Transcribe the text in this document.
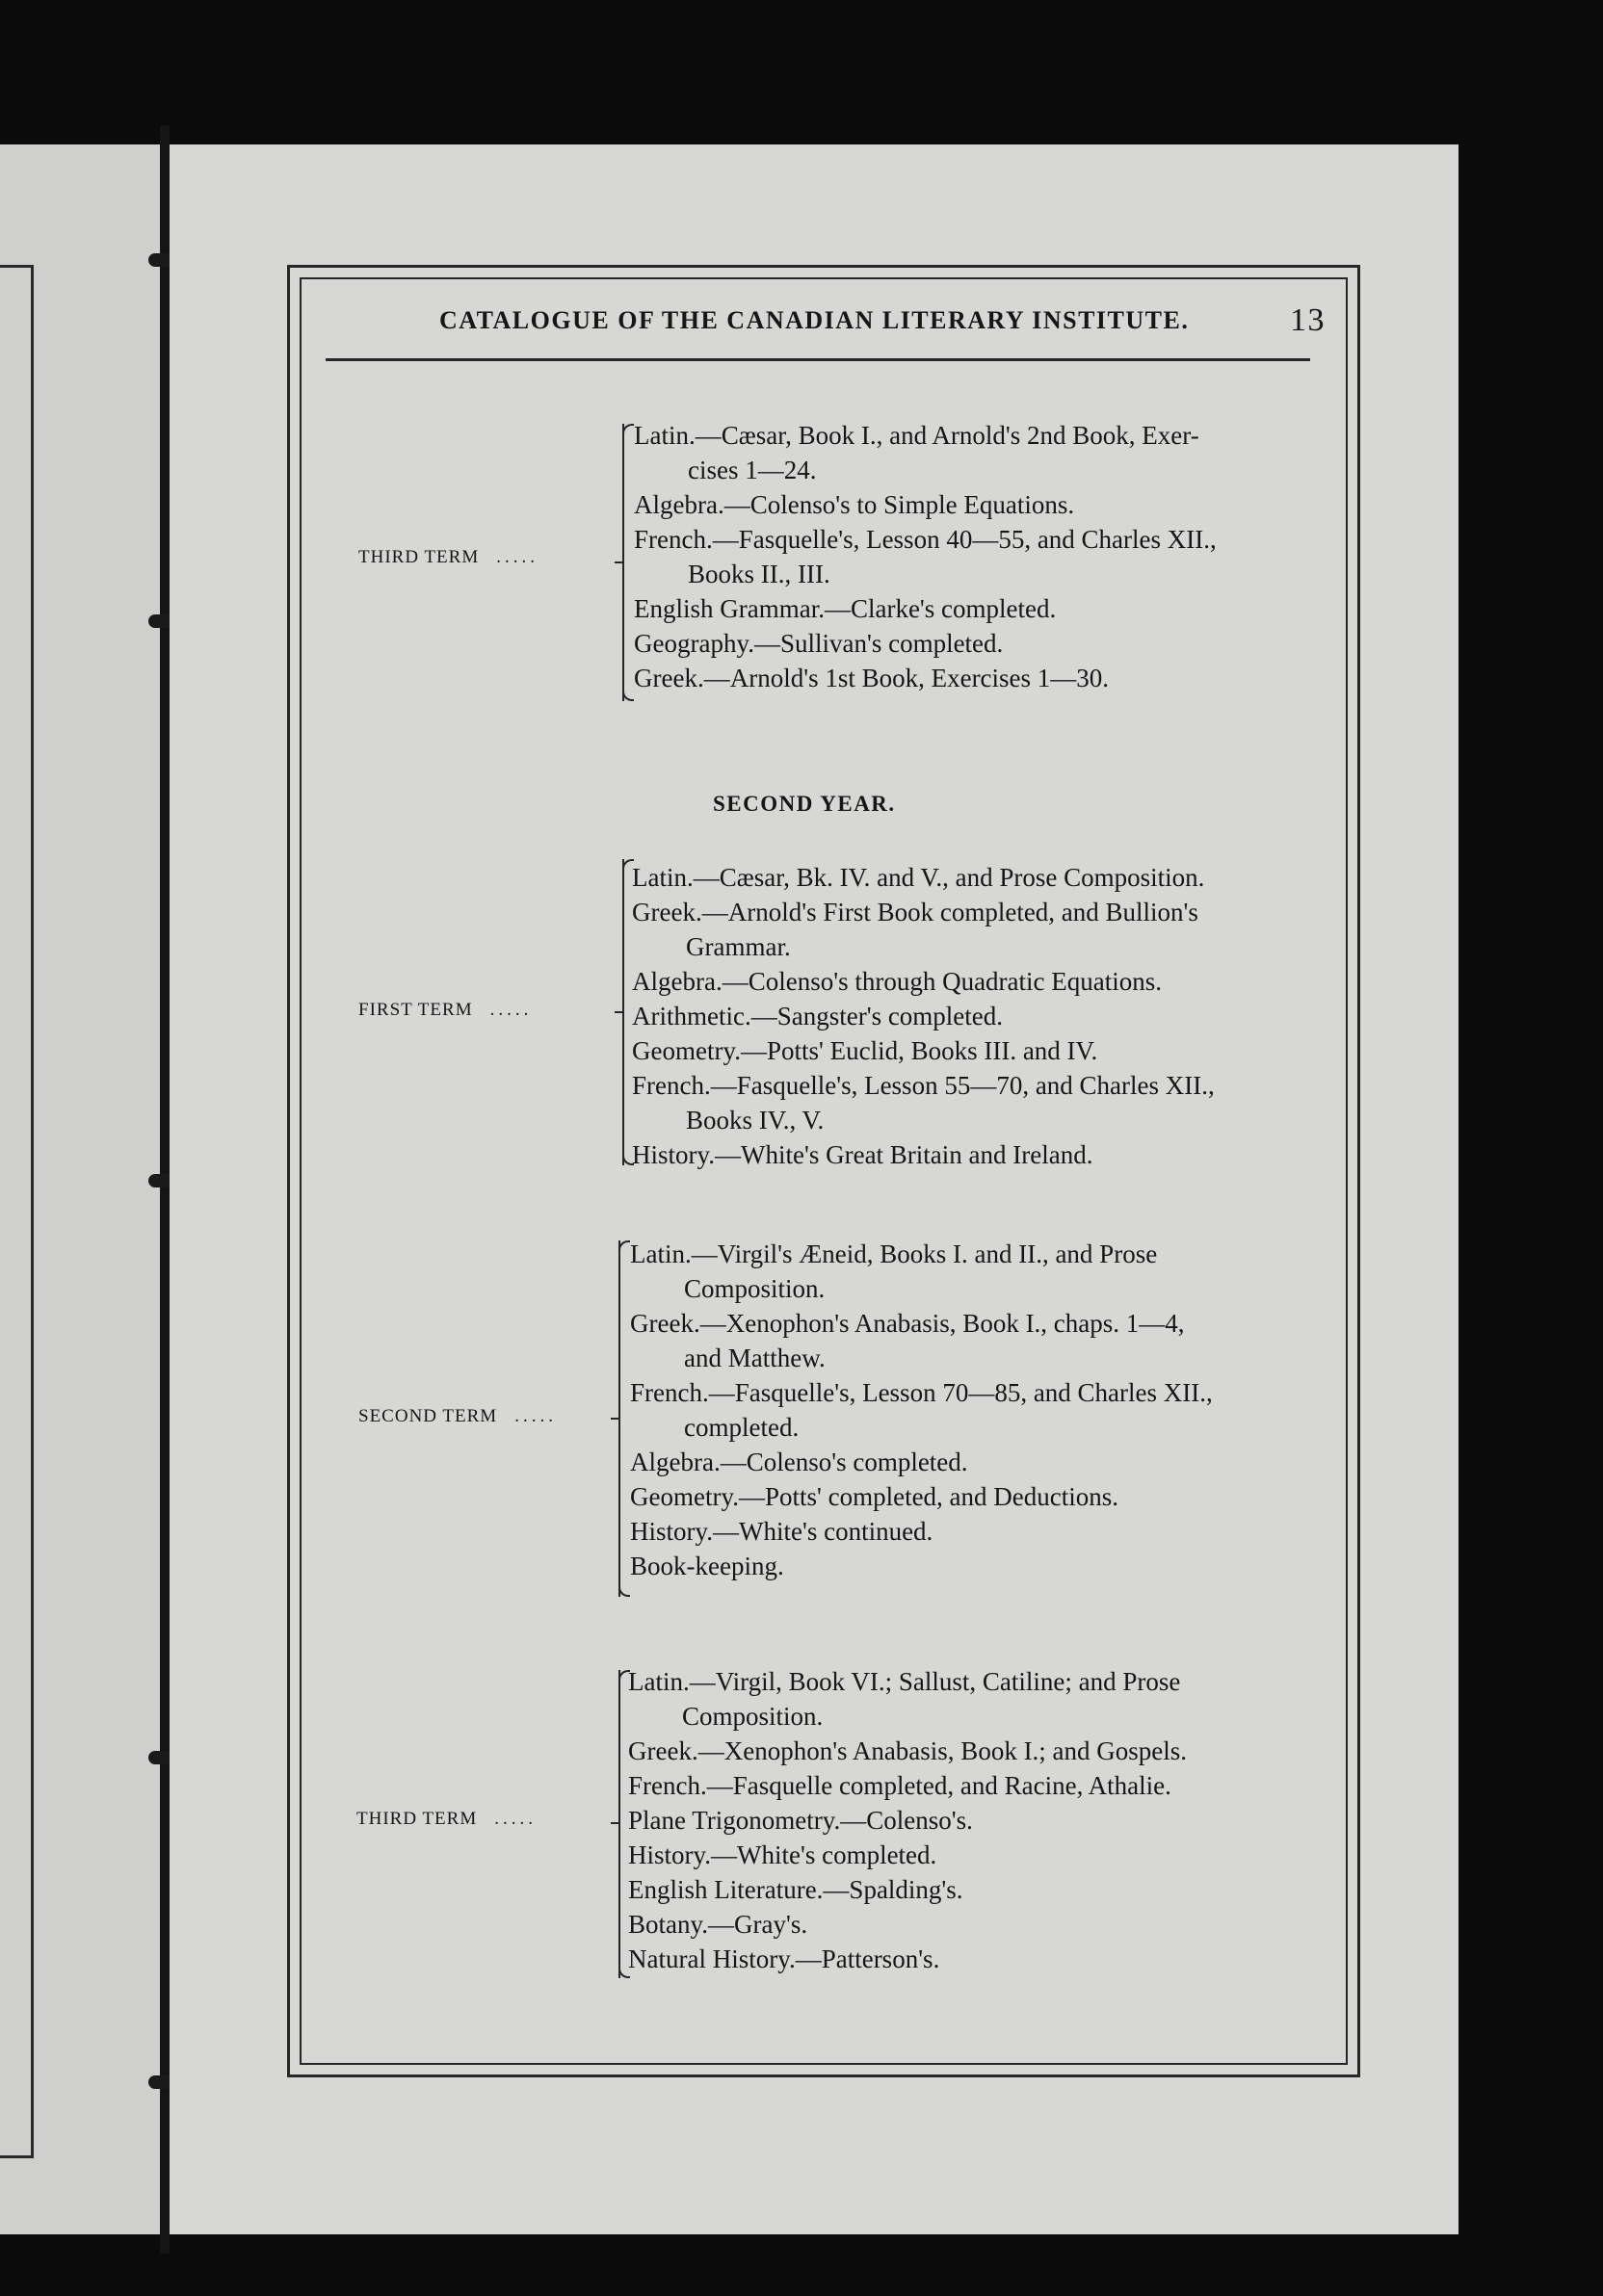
CATALOGUE OF THE CANADIAN LITERARY INSTITUTE.	13
THIRD TERM .....
Latin.—Cæsar, Book I., and Arnold's 2nd Book, Exer-
cises 1—24.
Algebra.—Colenso's to Simple Equations.
French.—Fasquelle's, Lesson 40—55, and Charles XII.,
Books II., III.
English Grammar.—Clarke's completed.
Geography.—Sullivan's completed.
Greek.—Arnold's 1st Book, Exercises 1—30.
SECOND YEAR.
FIRST TERM .....
Latin.—Cæsar, Bk. IV. and V., and Prose Composition.
Greek.—Arnold's First Book completed, and Bullion's
Grammar.
Algebra.—Colenso's through Quadratic Equations.
Arithmetic.—Sangster's completed.
Geometry.—Potts' Euclid, Books III. and IV.
French.—Fasquelle's, Lesson 55—70, and Charles XII.,
Books IV., V.
History.—White's Great Britain and Ireland.
SECOND TERM .....
Latin.—Virgil's Æneid, Books I. and II., and Prose
Composition.
Greek.—Xenophon's Anabasis, Book I., chaps. 1—4,
and Matthew.
French.—Fasquelle's, Lesson 70—85, and Charles XII.,
completed.
Algebra.—Colenso's completed.
Geometry.—Potts' completed, and Deductions.
History.—White's continued.
Book-keeping.
THIRD TERM .....
Latin.—Virgil, Book VI.; Sallust, Catiline; and Prose
Composition.
Greek.—Xenophon's Anabasis, Book I.; and Gospels.
French.—Fasquelle completed, and Racine, Athalie.
Plane Trigonometry.—Colenso's.
History.—White's completed.
English Literature.—Spalding's.
Botany.—Gray's.
Natural History.—Patterson's.
